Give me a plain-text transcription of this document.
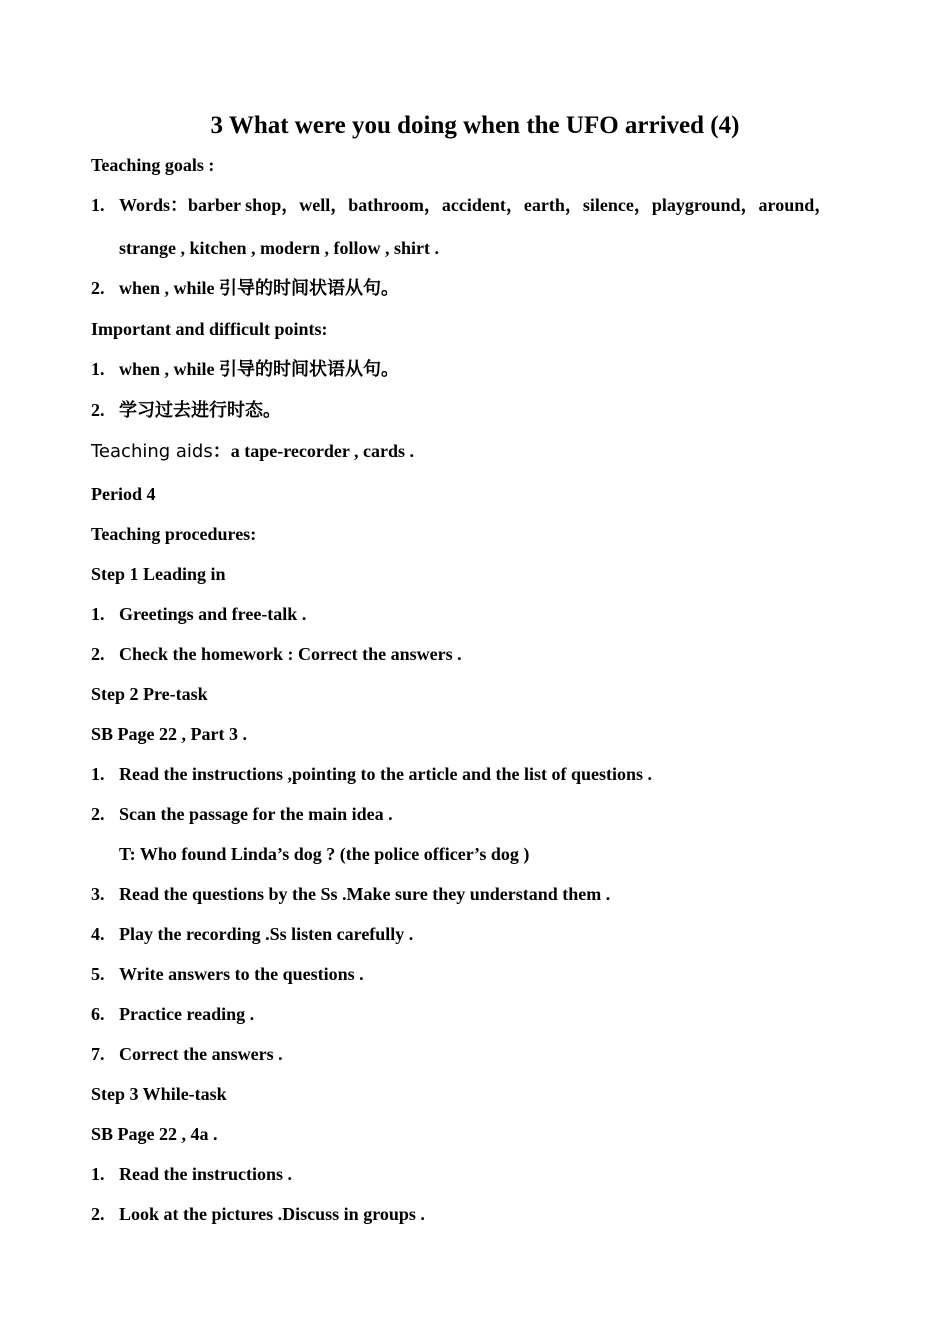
3 What were you doing when the UFO arrived (4)
Teaching goals :
1. Words：barber shop，well，bathroom，accident，earth，silence，playground，around，
strange , kitchen , modern , follow , shirt .
2. when , while 引导的时间状语从句。
Important and difficult points:
1. when , while 引导的时间状语从句。
2. 学习过去进行时态。
Teaching aids：a tape-recorder , cards .
Period 4
Teaching procedures:
Step 1 Leading in
1. Greetings and free-talk .
2. Check the homework : Correct the answers .
Step 2 Pre-task
SB Page 22 , Part 3 .
1. Read the instructions ,pointing to the article and the list of questions .
2. Scan the passage for the main idea .
T: Who found Linda’s dog ? (the police officer’s dog )
3. Read the questions by the Ss .Make sure they understand them .
4. Play the recording .Ss listen carefully .
5. Write answers to the questions .
6. Practice reading .
7. Correct the answers .
Step 3 While-task
SB Page 22 , 4a .
1. Read the instructions .
2. Look at the pictures .Discuss in groups .
